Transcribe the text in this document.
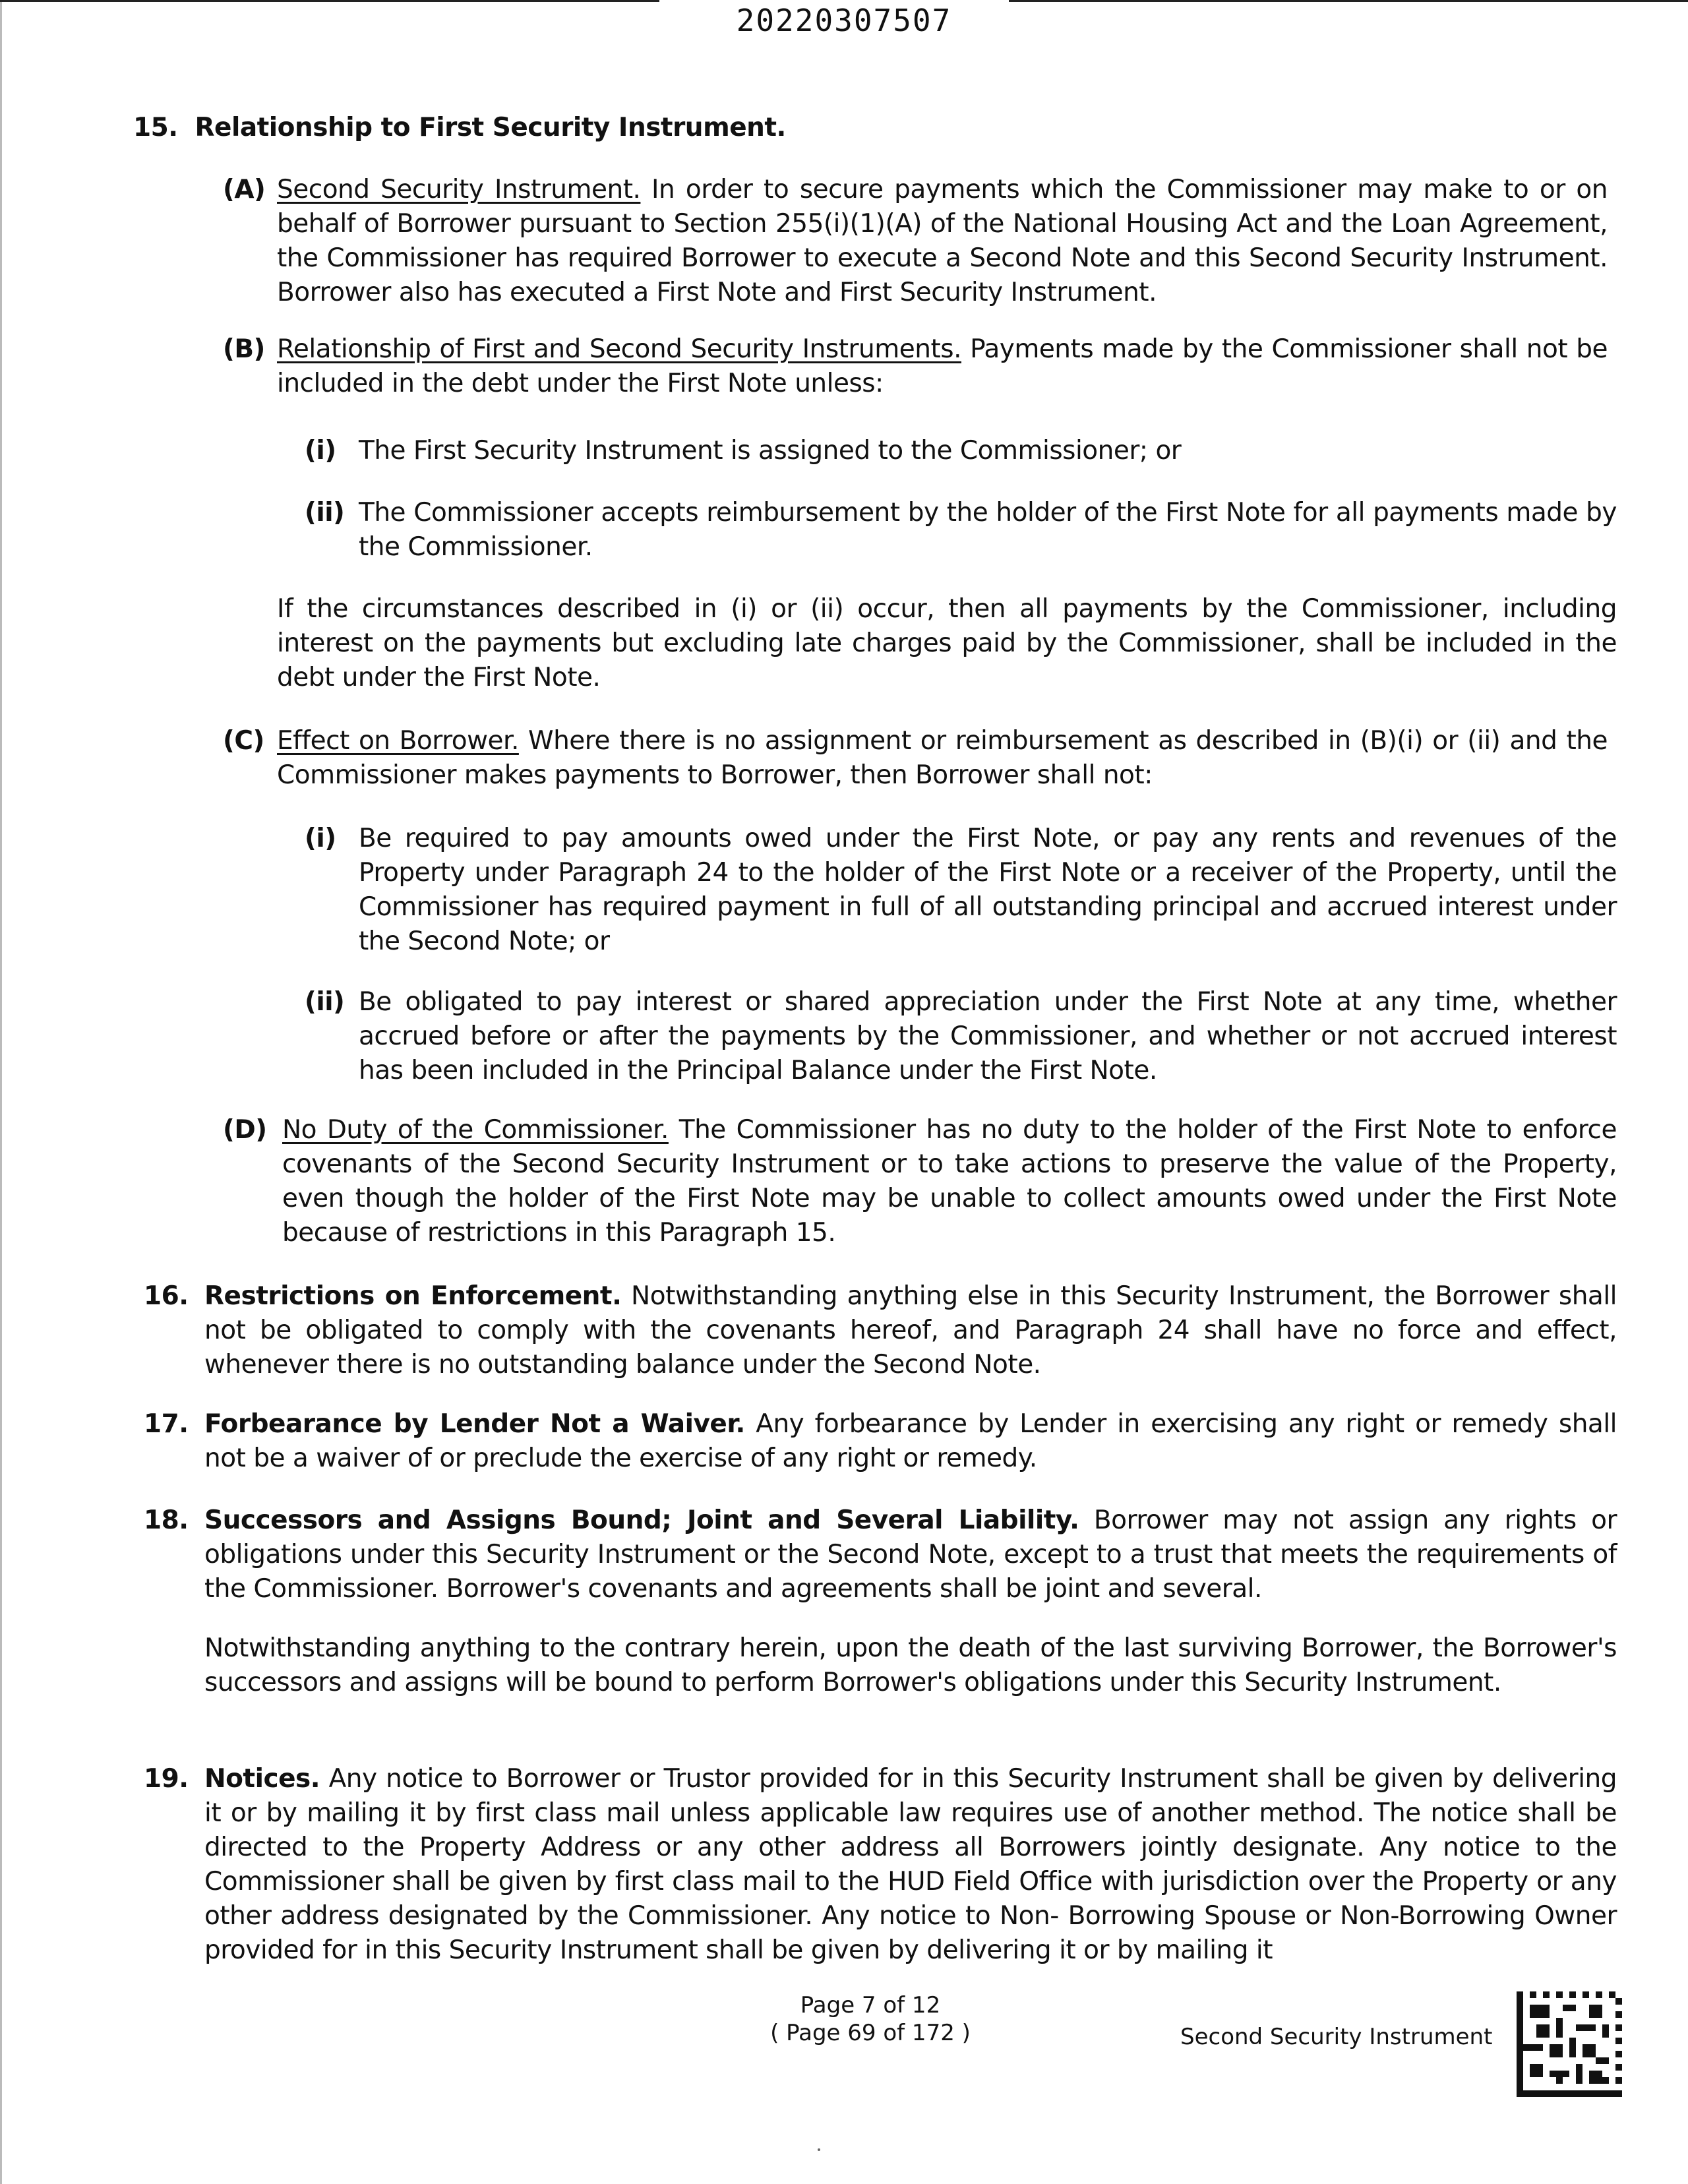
20220307507
15. Relationship to First Security Instrument.
(A) Second Security Instrument. In order to secure payments which the Commissioner may make to or on behalf of Borrower pursuant to Section 255(i)(1)(A) of the National Housing Act and the Loan Agreement, the Commissioner has required Borrower to execute a Second Note and this Second Security Instrument. Borrower also has executed a First Note and First Security Instrument.
(B) Relationship of First and Second Security Instruments. Payments made by the Commissioner shall not be included in the debt under the First Note unless:
(i) The First Security Instrument is assigned to the Commissioner; or
(ii) The Commissioner accepts reimbursement by the holder of the First Note for all payments made by the Commissioner.
If the circumstances described in (i) or (ii) occur, then all payments by the Commissioner, including interest on the payments but excluding late charges paid by the Commissioner, shall be included in the debt under the First Note.
(C) Effect on Borrower. Where there is no assignment or reimbursement as described in (B)(i) or (ii) and the Commissioner makes payments to Borrower, then Borrower shall not:
(i) Be required to pay amounts owed under the First Note, or pay any rents and revenues of the Property under Paragraph 24 to the holder of the First Note or a receiver of the Property, until the Commissioner has required payment in full of all outstanding principal and accrued interest under the Second Note; or
(ii) Be obligated to pay interest or shared appreciation under the First Note at any time, whether accrued before or after the payments by the Commissioner, and whether or not accrued interest has been included in the Principal Balance under the First Note.
(D) No Duty of the Commissioner. The Commissioner has no duty to the holder of the First Note to enforce covenants of the Second Security Instrument or to take actions to preserve the value of the Property, even though the holder of the First Note may be unable to collect amounts owed under the First Note because of restrictions in this Paragraph 15.
16. Restrictions on Enforcement. Notwithstanding anything else in this Security Instrument, the Borrower shall not be obligated to comply with the covenants hereof, and Paragraph 24 shall have no force and effect, whenever there is no outstanding balance under the Second Note.
17. Forbearance by Lender Not a Waiver. Any forbearance by Lender in exercising any right or remedy shall not be a waiver of or preclude the exercise of any right or remedy.
18. Successors and Assigns Bound; Joint and Several Liability. Borrower may not assign any rights or obligations under this Security Instrument or the Second Note, except to a trust that meets the requirements of the Commissioner. Borrower's covenants and agreements shall be joint and several.
Notwithstanding anything to the contrary herein, upon the death of the last surviving Borrower, the Borrower's successors and assigns will be bound to perform Borrower's obligations under this Security Instrument.
19. Notices. Any notice to Borrower or Trustor provided for in this Security Instrument shall be given by delivering it or by mailing it by first class mail unless applicable law requires use of another method. The notice shall be directed to the Property Address or any other address all Borrowers jointly designate. Any notice to the Commissioner shall be given by first class mail to the HUD Field Office with jurisdiction over the Property or any other address designated by the Commissioner. Any notice to Non- Borrowing Spouse or Non-Borrowing Owner provided for in this Security Instrument shall be given by delivering it or by mailing it
Page 7 of 12
( Page 69 of 172 )	Second Security Instrument
